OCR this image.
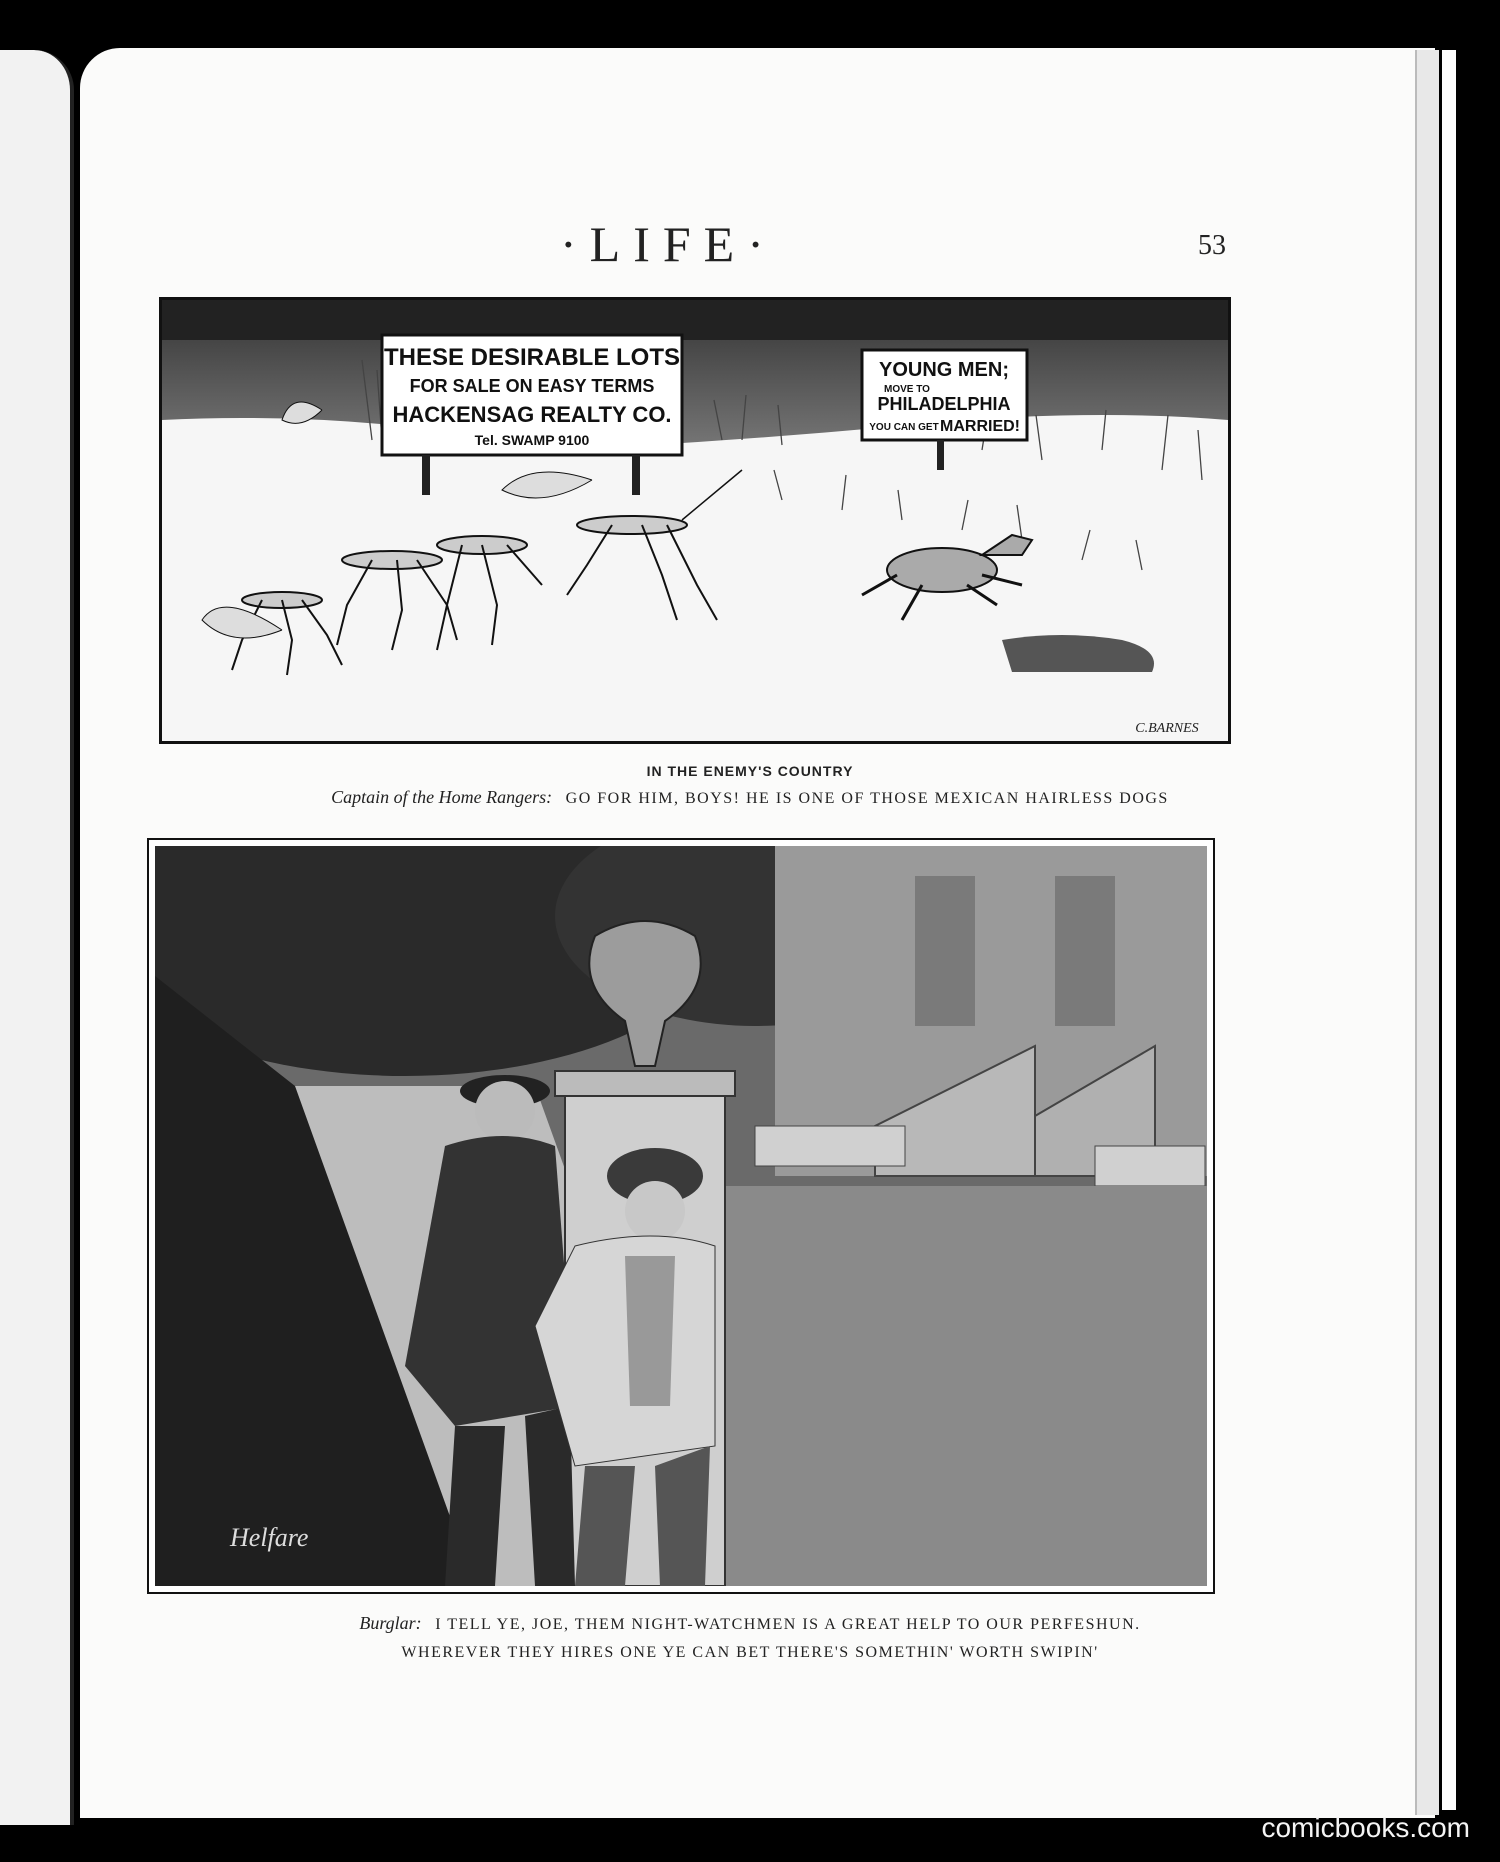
·LIFE·	53
THESE DESIRABLE LOTS
FOR SALE ON EASY TERMS
HACKENSAG REALTY CO.
Tel. SWAMP 9100
YOUNG MEN;
MOVE TO
PHILADELPHIA
YOU CAN GET MARRIED!
C.BARNES
IN THE ENEMY'S COUNTRY
Captain of the Home Rangers: GO FOR HIM, BOYS! HE IS ONE OF THOSE MEXICAN HAIRLESS DOGS
Helfare
Burglar: I TELL YE, JOE, THEM NIGHT-WATCHMEN IS A GREAT HELP TO OUR PERFESHUN.
WHEREVER THEY HIRES ONE YE CAN BET THERE'S SOMETHIN' WORTH SWIPIN'
comicbooks.com
